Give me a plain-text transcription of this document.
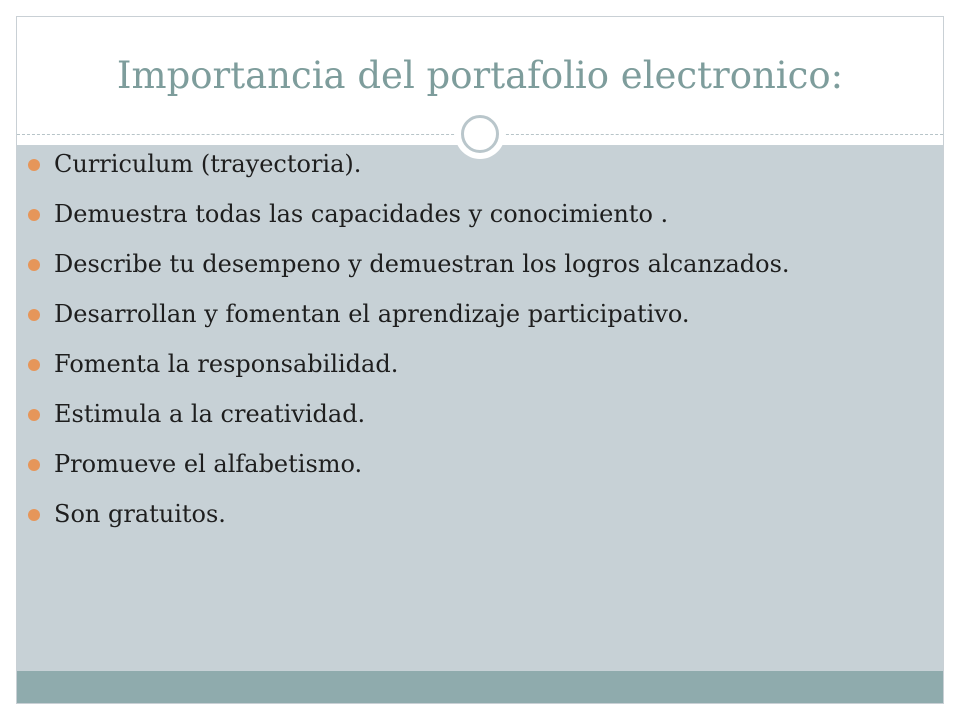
Importancia del portafolio electronico:
Curriculum (trayectoria).
Demuestra todas las capacidades y conocimiento .
Describe tu desempeno y demuestran los logros alcanzados.
Desarrollan y fomentan el aprendizaje participativo.
Fomenta la responsabilidad.
Estimula a la creatividad.
Promueve el alfabetismo.
Son gratuitos.
